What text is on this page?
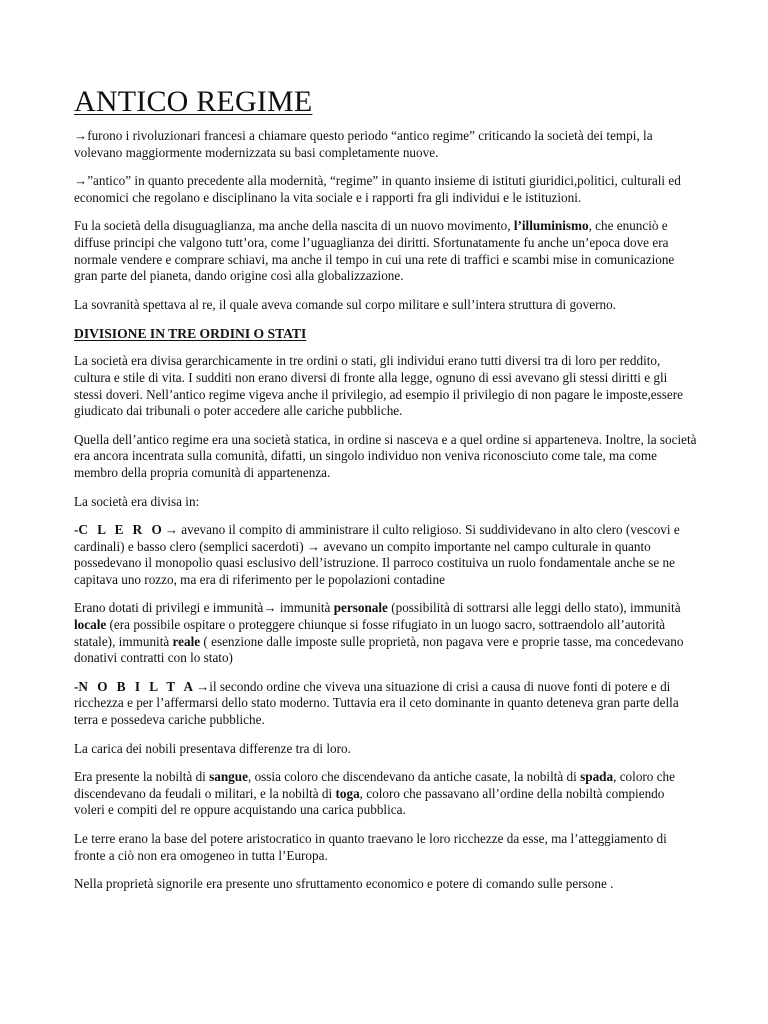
ANTICO REGIME

→furono i rivoluzionari francesi a chiamare questo periodo “antico regime” criticando la società dei tempi, la volevano maggiormente modernizzata su basi completamente nuove.

→”antico” in quanto precedente alla modernità, “regime” in quanto insieme di istituti giuridici,politici, culturali ed economici che regolano e disciplinano la vita sociale e i rapporti fra gli individui e le istituzioni.

Fu la società della disuguaglianza, ma anche della nascita di un nuovo movimento, l’illuminismo, che enunciò e diffuse principi che valgono tutt’ora, come l’uguaglianza dei diritti. Sfortunatamente fu anche un’epoca dove era normale vendere e comprare schiavi, ma anche il tempo in cui una rete di traffici e scambi mise in comunicazione gran parte del pianeta, dando origine così alla globalizzazione.

La sovranità spettava al re, il quale aveva comande sul corpo militare e sull’intera struttura di governo.

DIVISIONE IN TRE ORDINI O STATI

La società era divisa gerarchicamente in tre ordini o stati, gli individui erano tutti diversi tra di loro per reddito, cultura e stile di vita. I sudditi non erano diversi di fronte alla legge, ognuno di essi avevano gli stessi diritti e gli stessi doveri. Nell’antico regime vigeva anche il privilegio, ad esempio il privilegio di non pagare le imposte,essere giudicato dai tribunali o poter accedere alle cariche pubbliche.

Quella dell’antico regime era una società statica, in ordine si nasceva e a quel ordine si apparteneva. Inoltre, la società era ancora incentrata sulla comunità, difatti, un singolo individuo non veniva riconosciuto come tale, ma come membro della propria comunità di appartenenza.

La società era divisa in:

-C L E R O→ avevano il compito di amministrare il culto religioso. Si suddividevano in alto clero (vescovi e cardinali) e basso clero (semplici sacerdoti) → avevano un compito importante nel campo culturale in quanto possedevano il monopolio quasi esclusivo dell’istruzione. Il parroco costituiva un ruolo fondamentale anche se ne capitava uno rozzo, ma era di riferimento per le popolazioni contadine

Erano dotati di privilegi e immunità→ immunità personale (possibilità di sottrarsi alle leggi dello stato), immunità locale (era possibile ospitare o proteggere chiunque si fosse rifugiato in un luogo sacro, sottraendolo all’autorità statale), immunità reale ( esenzione dalle imposte sulle proprietà, non pagava vere e proprie tasse, ma concedevano donativi contratti con lo stato)

-N O B I L T A→il secondo ordine che viveva una situazione di crisi a causa di nuove fonti di potere e di ricchezza e per l’affermarsi dello stato moderno. Tuttavia era il ceto dominante in quanto deteneva gran parte della terra e possedeva cariche pubbliche.

La carica dei nobili presentava differenze tra di loro.

Era presente la nobiltà di sangue, ossia coloro che discendevano da antiche casate, la nobiltà di spada, coloro che discendevano da feudali o militari, e la nobiltà di toga, coloro che passavano all’ordine della nobiltà compiendo voleri e compiti del re oppure acquistando una carica pubblica.

Le terre erano la base del potere aristocratico in quanto traevano le loro ricchezze da esse, ma l’atteggiamento di fronte a ciò non era omogeneo in tutta l’Europa.

Nella proprietà signorile era presente uno sfruttamento economico e potere di comando sulle persone .
